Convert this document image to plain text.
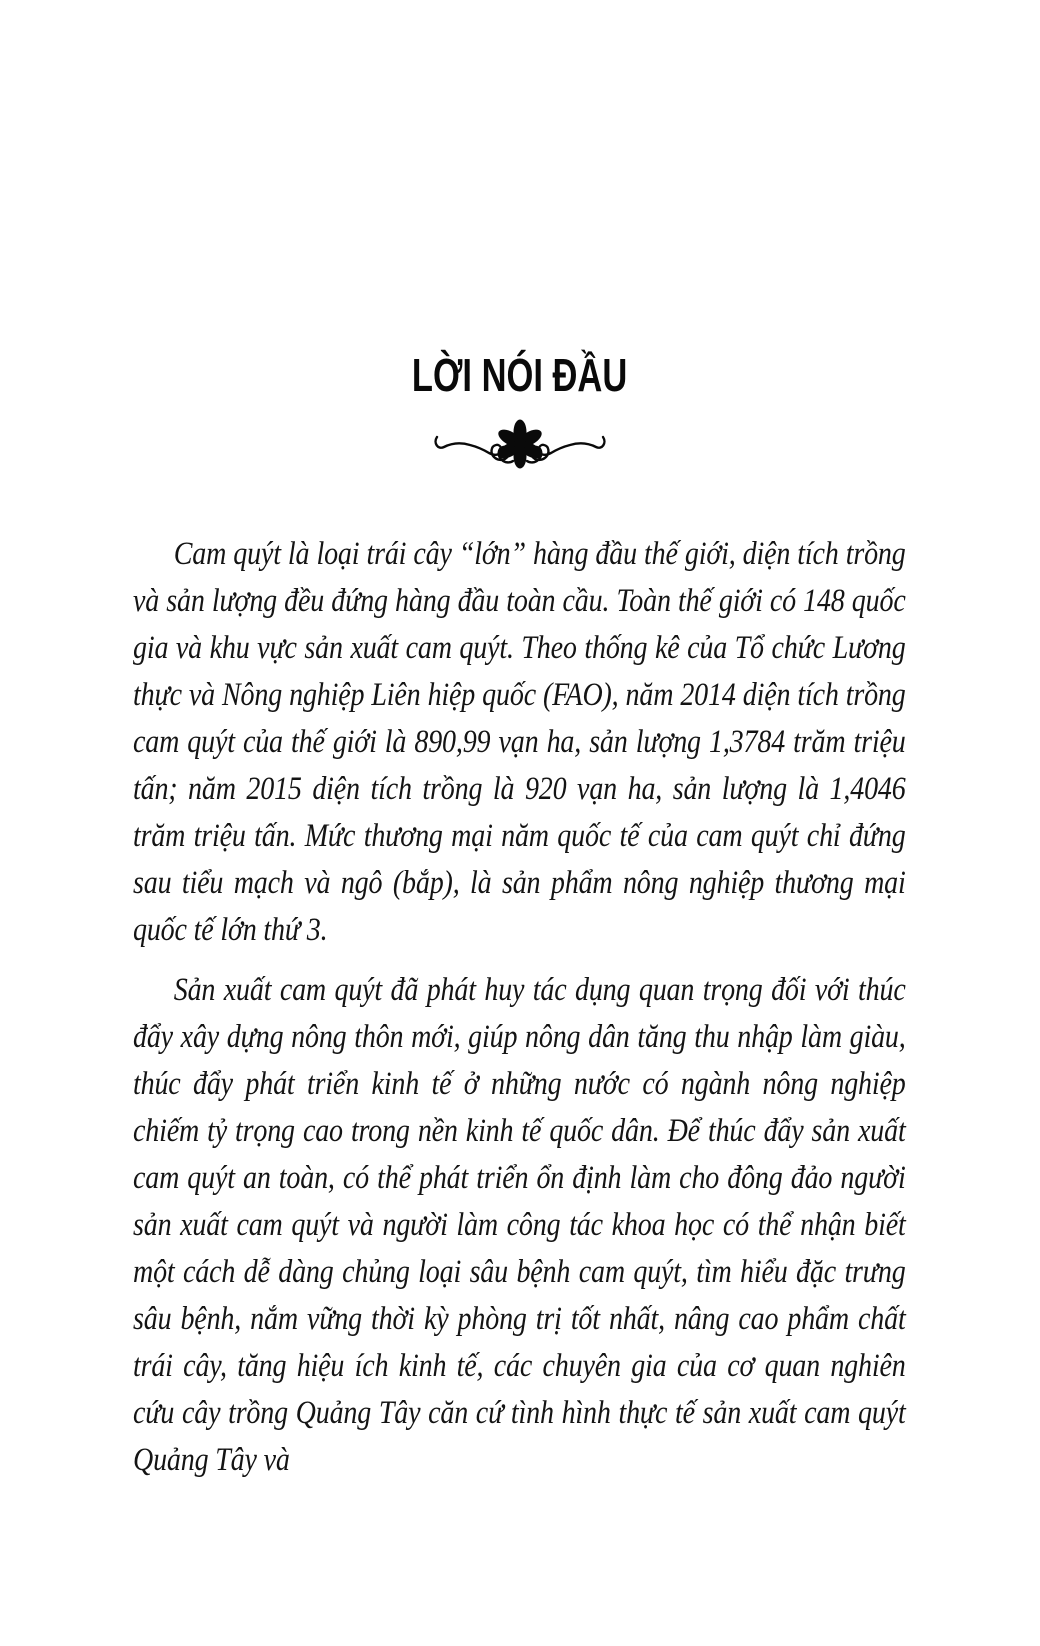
LỜI NÓI ĐẦU

Cam quýt là loại trái cây “lớn” hàng đầu thế giới, diện tích trồng và sản lượng đều đứng hàng đầu toàn cầu. Toàn thế giới có 148 quốc gia và khu vực sản xuất cam quýt. Theo thống kê của Tổ chức Lương thực và Nông nghiệp Liên hiệp quốc (FAO), năm 2014 diện tích trồng cam quýt của thế giới là 890,99 vạn ha, sản lượng 1,3784 trăm triệu tấn; năm 2015 diện tích trồng là 920 vạn ha, sản lượng là 1,4046 trăm triệu tấn. Mức thương mại năm quốc tế của cam quýt chỉ đứng sau tiểu mạch và ngô (bắp), là sản phẩm nông nghiệp thương mại quốc tế lớn thứ 3.

Sản xuất cam quýt đã phát huy tác dụng quan trọng đối với thúc đẩy xây dựng nông thôn mới, giúp nông dân tăng thu nhập làm giàu, thúc đẩy phát triển kinh tế ở những nước có ngành nông nghiệp chiếm tỷ trọng cao trong nền kinh tế quốc dân. Để thúc đẩy sản xuất cam quýt an toàn, có thể phát triển ổn định làm cho đông đảo người sản xuất cam quýt và người làm công tác khoa học có thể nhận biết một cách dễ dàng chủng loại sâu bệnh cam quýt, tìm hiểu đặc trưng sâu bệnh, nắm vững thời kỳ phòng trị tốt nhất, nâng cao phẩm chất trái cây, tăng hiệu ích kinh tế, các chuyên gia của cơ quan nghiên cứu cây trồng Quảng Tây căn cứ tình hình thực tế sản xuất cam quýt Quảng Tây và
